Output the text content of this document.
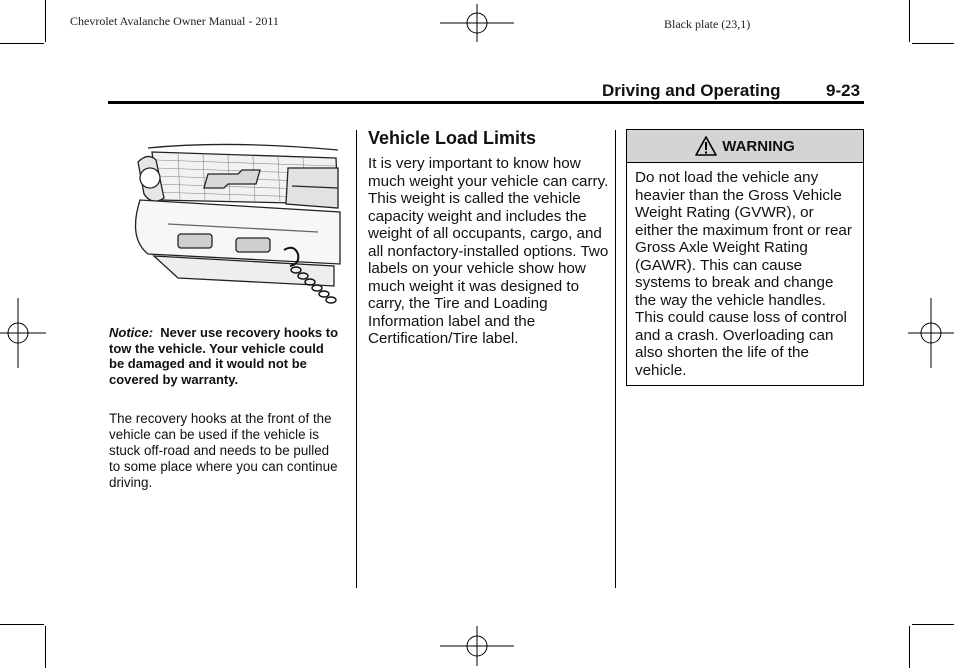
Chevrolet Avalanche Owner Manual - 2011	Black plate (23,1)
Driving and Operating	9-23
Notice: Never use recovery hooks to tow the vehicle. Your vehicle could be damaged and it would not be covered by warranty.
The recovery hooks at the front of the vehicle can be used if the vehicle is stuck off-road and needs to be pulled to some place where you can continue driving.
Vehicle Load Limits
It is very important to know how much weight your vehicle can carry. This weight is called the vehicle capacity weight and includes the weight of all occupants, cargo, and all nonfactory-installed options. Two labels on your vehicle show how much weight it was designed to carry, the Tire and Loading Information label and the Certification/Tire label.
WARNING
Do not load the vehicle any heavier than the Gross Vehicle Weight Rating (GVWR), or either the maximum front or rear Gross Axle Weight Rating (GAWR). This can cause systems to break and change the way the vehicle handles. This could cause loss of control and a crash. Overloading can also shorten the life of the vehicle.
